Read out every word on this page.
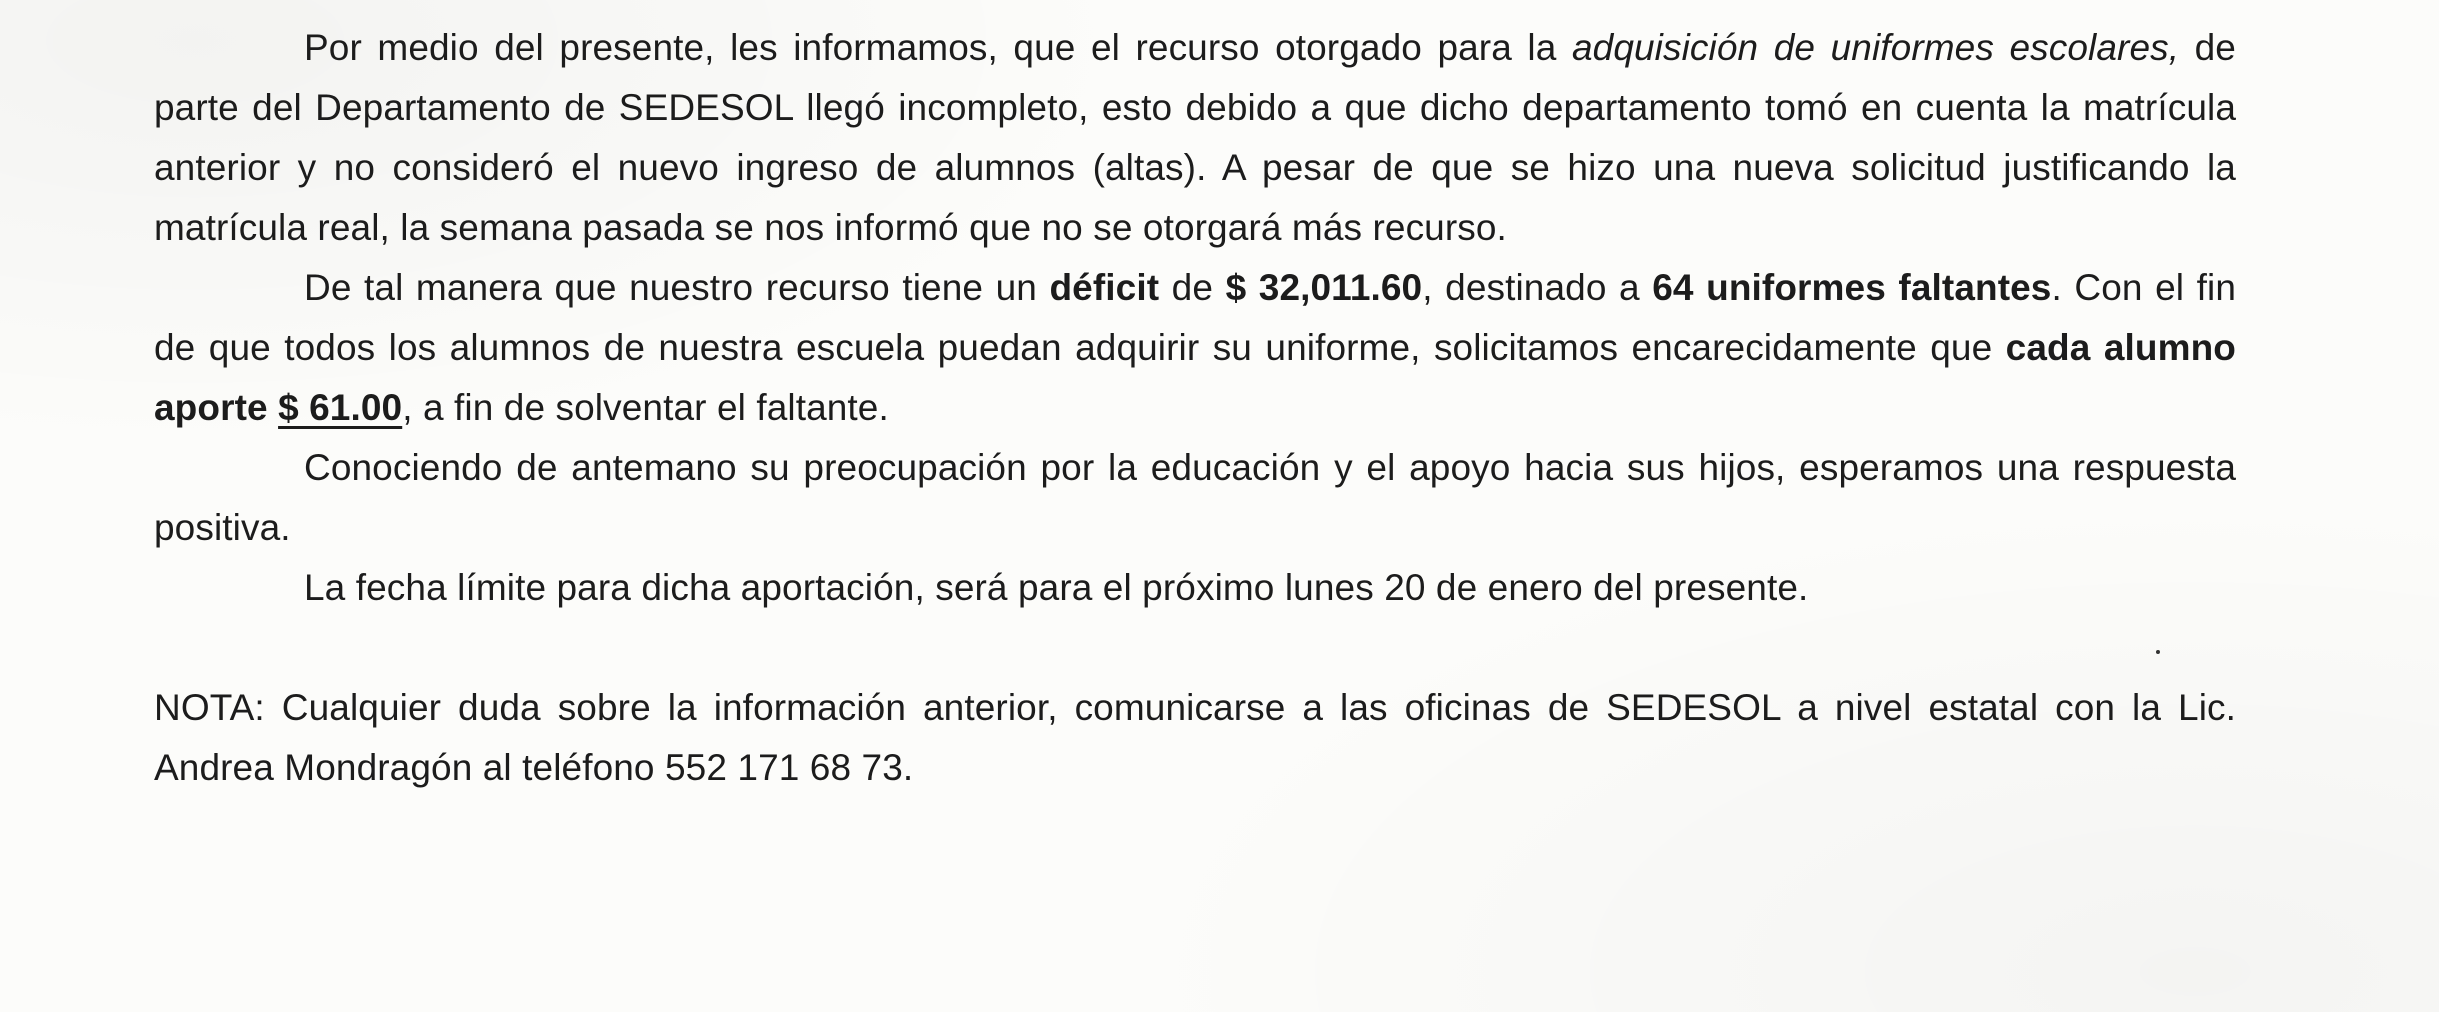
Por medio del presente, les informamos, que el recurso otorgado para la adquisición de uniformes escolares, de parte del Departamento de SEDESOL llegó incompleto, esto debido a que dicho departamento tomó en cuenta la matrícula anterior y no consideró el nuevo ingreso de alumnos (altas). A pesar de que se hizo una nueva solicitud justificando la matrícula real, la semana pasada se nos informó que no se otorgará más recurso.

De tal manera que nuestro recurso tiene un déficit de $ 32,011.60, destinado a 64 uniformes faltantes. Con el fin de que todos los alumnos de nuestra escuela puedan adquirir su uniforme, solicitamos encarecidamente que cada alumno aporte $ 61.00, a fin de solventar el faltante.

Conociendo de antemano su preocupación por la educación y el apoyo hacia sus hijos, esperamos una respuesta positiva.

La fecha límite para dicha aportación, será para el próximo lunes 20 de enero del presente.

NOTA: Cualquier duda sobre la información anterior, comunicarse a las oficinas de SEDESOL a nivel estatal con la Lic. Andrea Mondragón al teléfono 552 171 68 73.
